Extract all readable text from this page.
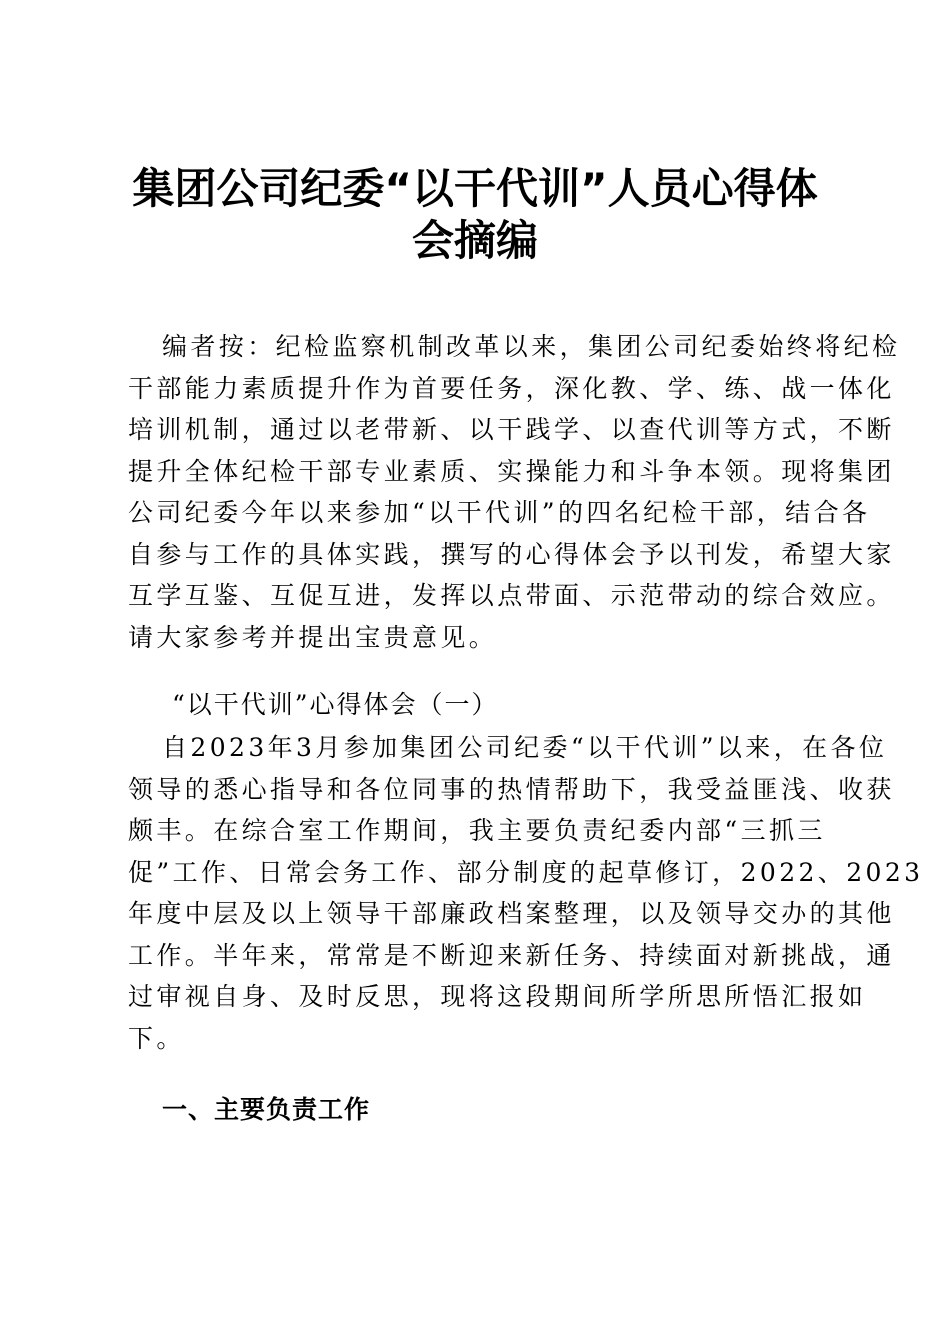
集团公司纪委“以干代训”人员心得体
会摘编
编者按：纪检监察机制改革以来，集团公司纪委始终将纪检
干部能力素质提升作为首要任务，深化教、学、练、战一体化
培训机制，通过以老带新、以干践学、以查代训等方式，不断
提升全体纪检干部专业素质、实操能力和斗争本领。现将集团
公司纪委今年以来参加“以干代训”的四名纪检干部，结合各
自参与工作的具体实践，撰写的心得体会予以刊发，希望大家
互学互鉴、互促互进，发挥以点带面、示范带动的综合效应。
请大家参考并提出宝贵意见。
“以干代训”心得体会（一）
自2023年3月参加集团公司纪委“以干代训”以来，在各位
领导的悉心指导和各位同事的热情帮助下，我受益匪浅、收获
颇丰。在综合室工作期间，我主要负责纪委内部“三抓三
促”工作、日常会务工作、部分制度的起草修订，2022、2023
年度中层及以上领导干部廉政档案整理，以及领导交办的其他
工作。半年来，常常是不断迎来新任务、持续面对新挑战，通
过审视自身、及时反思，现将这段期间所学所思所悟汇报如
下。
一、主要负责工作
